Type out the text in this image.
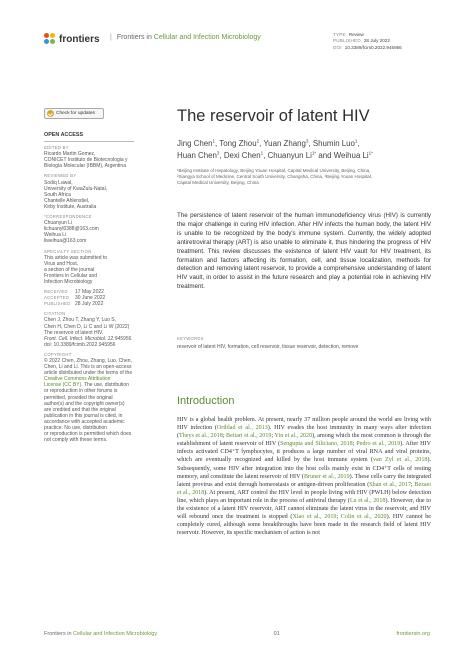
frontiers | Frontiers in Cellular and Infection Microbiology	TYPE Review
PUBLISHED 28 July 2022
DOI 10.3389/fcimb.2022.945956
Check for updates
OPEN ACCESS
EDITED BY
Ricardo Martin Gomez,
CONICET Instituto de Biotecnologia y
Biología Molecular (IBBM), Argentina
REVIEWED BY
Sodiq Lawal,
University of KwaZulu-Natal,
South Africa
Chantelle Ahlenstiel,
Kirby Institute, Australia
*CORRESPONDENCE
Chuanyun Li
lichuanyl0388@163.com
Weihua Li
liweihua@163.com
SPECIALTY SECTION
This article was submitted to
Virus and Host,
a section of the journal
Frontiers in Cellular and
Infection Microbiology
RECEIVED	17 May 2022
ACCEPTED	30 June 2022
PUBLISHED 28 July 2022
CITATION
Chen J, Zhou T, Zhang Y, Luo S,
Chen H, Chen D, Li C and Li W (2022)
The reservoir of latent HIV.
Front. Cell. Infect. Microbiol. 12:945956.
doi: 10.3389/fcimb.2022.945956
COPYRIGHT
© 2022 Chen, Zhou, Zhang, Luo, Chen,
Chen, Li and Li. This is an open-access
article distributed under the terms of the
Creative Commons Attribution
License (CC BY). The use, distribution
or reproduction in other forums is
permitted, provided the original
author(s) and the copyright owner(s)
are credited and that the original
publication in this journal is cited, in
accordance with accepted academic
practice. No use, distribution
or reproduction is permitted which does
not comply with these terms.
The reservoir of latent HIV
Jing Chen$^1$, Tong Zhou$^2$, Yuan Zhang$^3$, Shumin Luo$^1$,
Huan Chen$^3$, Dexi Chen$^1$, Chuanyun $Li^{1*}$ and Weihua $Li^{1*}$
¹Beijing Institute of Hepatology, Beijing Youan Hospital, Capital Medical University, Beijing, China,
²Xiangya School of Medicine, Central South University, Changsha, China, ³Beijing Youan Hospital,
Capital Medical University, Beijing, China
The persistence of latent reservoir of the human immunodeficiency virus (HIV) is currently the major challenge in curing HIV infection. After HIV infects the human body, the latent HIV is unable to be recognized by the body's immune system. Currently, the widely adopted antiretroviral therapy (ART) is also unable to eliminate it, thus hindering the progress of HIV treatment. This review discusses the existence of latent HIV vault for HIV treatment, its formation and factors affecting its formation, cell, and tissue localization, methods for detection and removing latent reservoir, to provide a comprehensive understanding of latent HIV vault, in order to assist in the future research and play a potential role in achieving HIV treatment.
KEYWORDS
reservoir of latent HIV, formation, cell reservoir, tissue reservoir, detection, remove
Introduction
HIV is a global health problem. At present, nearly 37 million people around the world are living with HIV infection (Ortblad et al., 2013). HIV evades the host immunity in many ways after infection (Theys et al., 2018; Beitari et al., 2019; Yin et al., 2020), among which the most common is through the establishment of latent reservoir of HIV (Sengupta and Siliciano, 2018; Pedro et al., 2019). After HIV infects activated CD4⁺T lymphocytes, it produces a large number of viral RNA and viral proteins, which are eventually recognized and killed by the host immune system (van Zyl et al., 2018). Subsequently, some HIV after integration into the host cells mainly exist in CD4⁺T cells of resting memory, and constitute the latent reservoir of HIV (Bruner et al., 2019). These cells carry the integrated latent provirus and exist through homeostasis or antigen-driven proliferation (Shan et al., 2017; Bezaei et al., 2018). At present, ART control the HIV level in people living with HIV (PWLH) below detection line, which plays an important role in the process of antiviral therapy (Lu et al., 2018). However, due to the existence of a latent HIV reservoir, ART cannot eliminate the latent virus in the reservoir, and HIV will rebound once the treatment is stopped (Xiao et al., 2019; Colin et al., 2020). HIV cannot be completely cured, although some breakthroughs have been made in the research field of latent HIV reservoir. However, its specific mechanism of action is not
Frontiers in Cellular and Infection Microbiology	01	frontiersin.org
